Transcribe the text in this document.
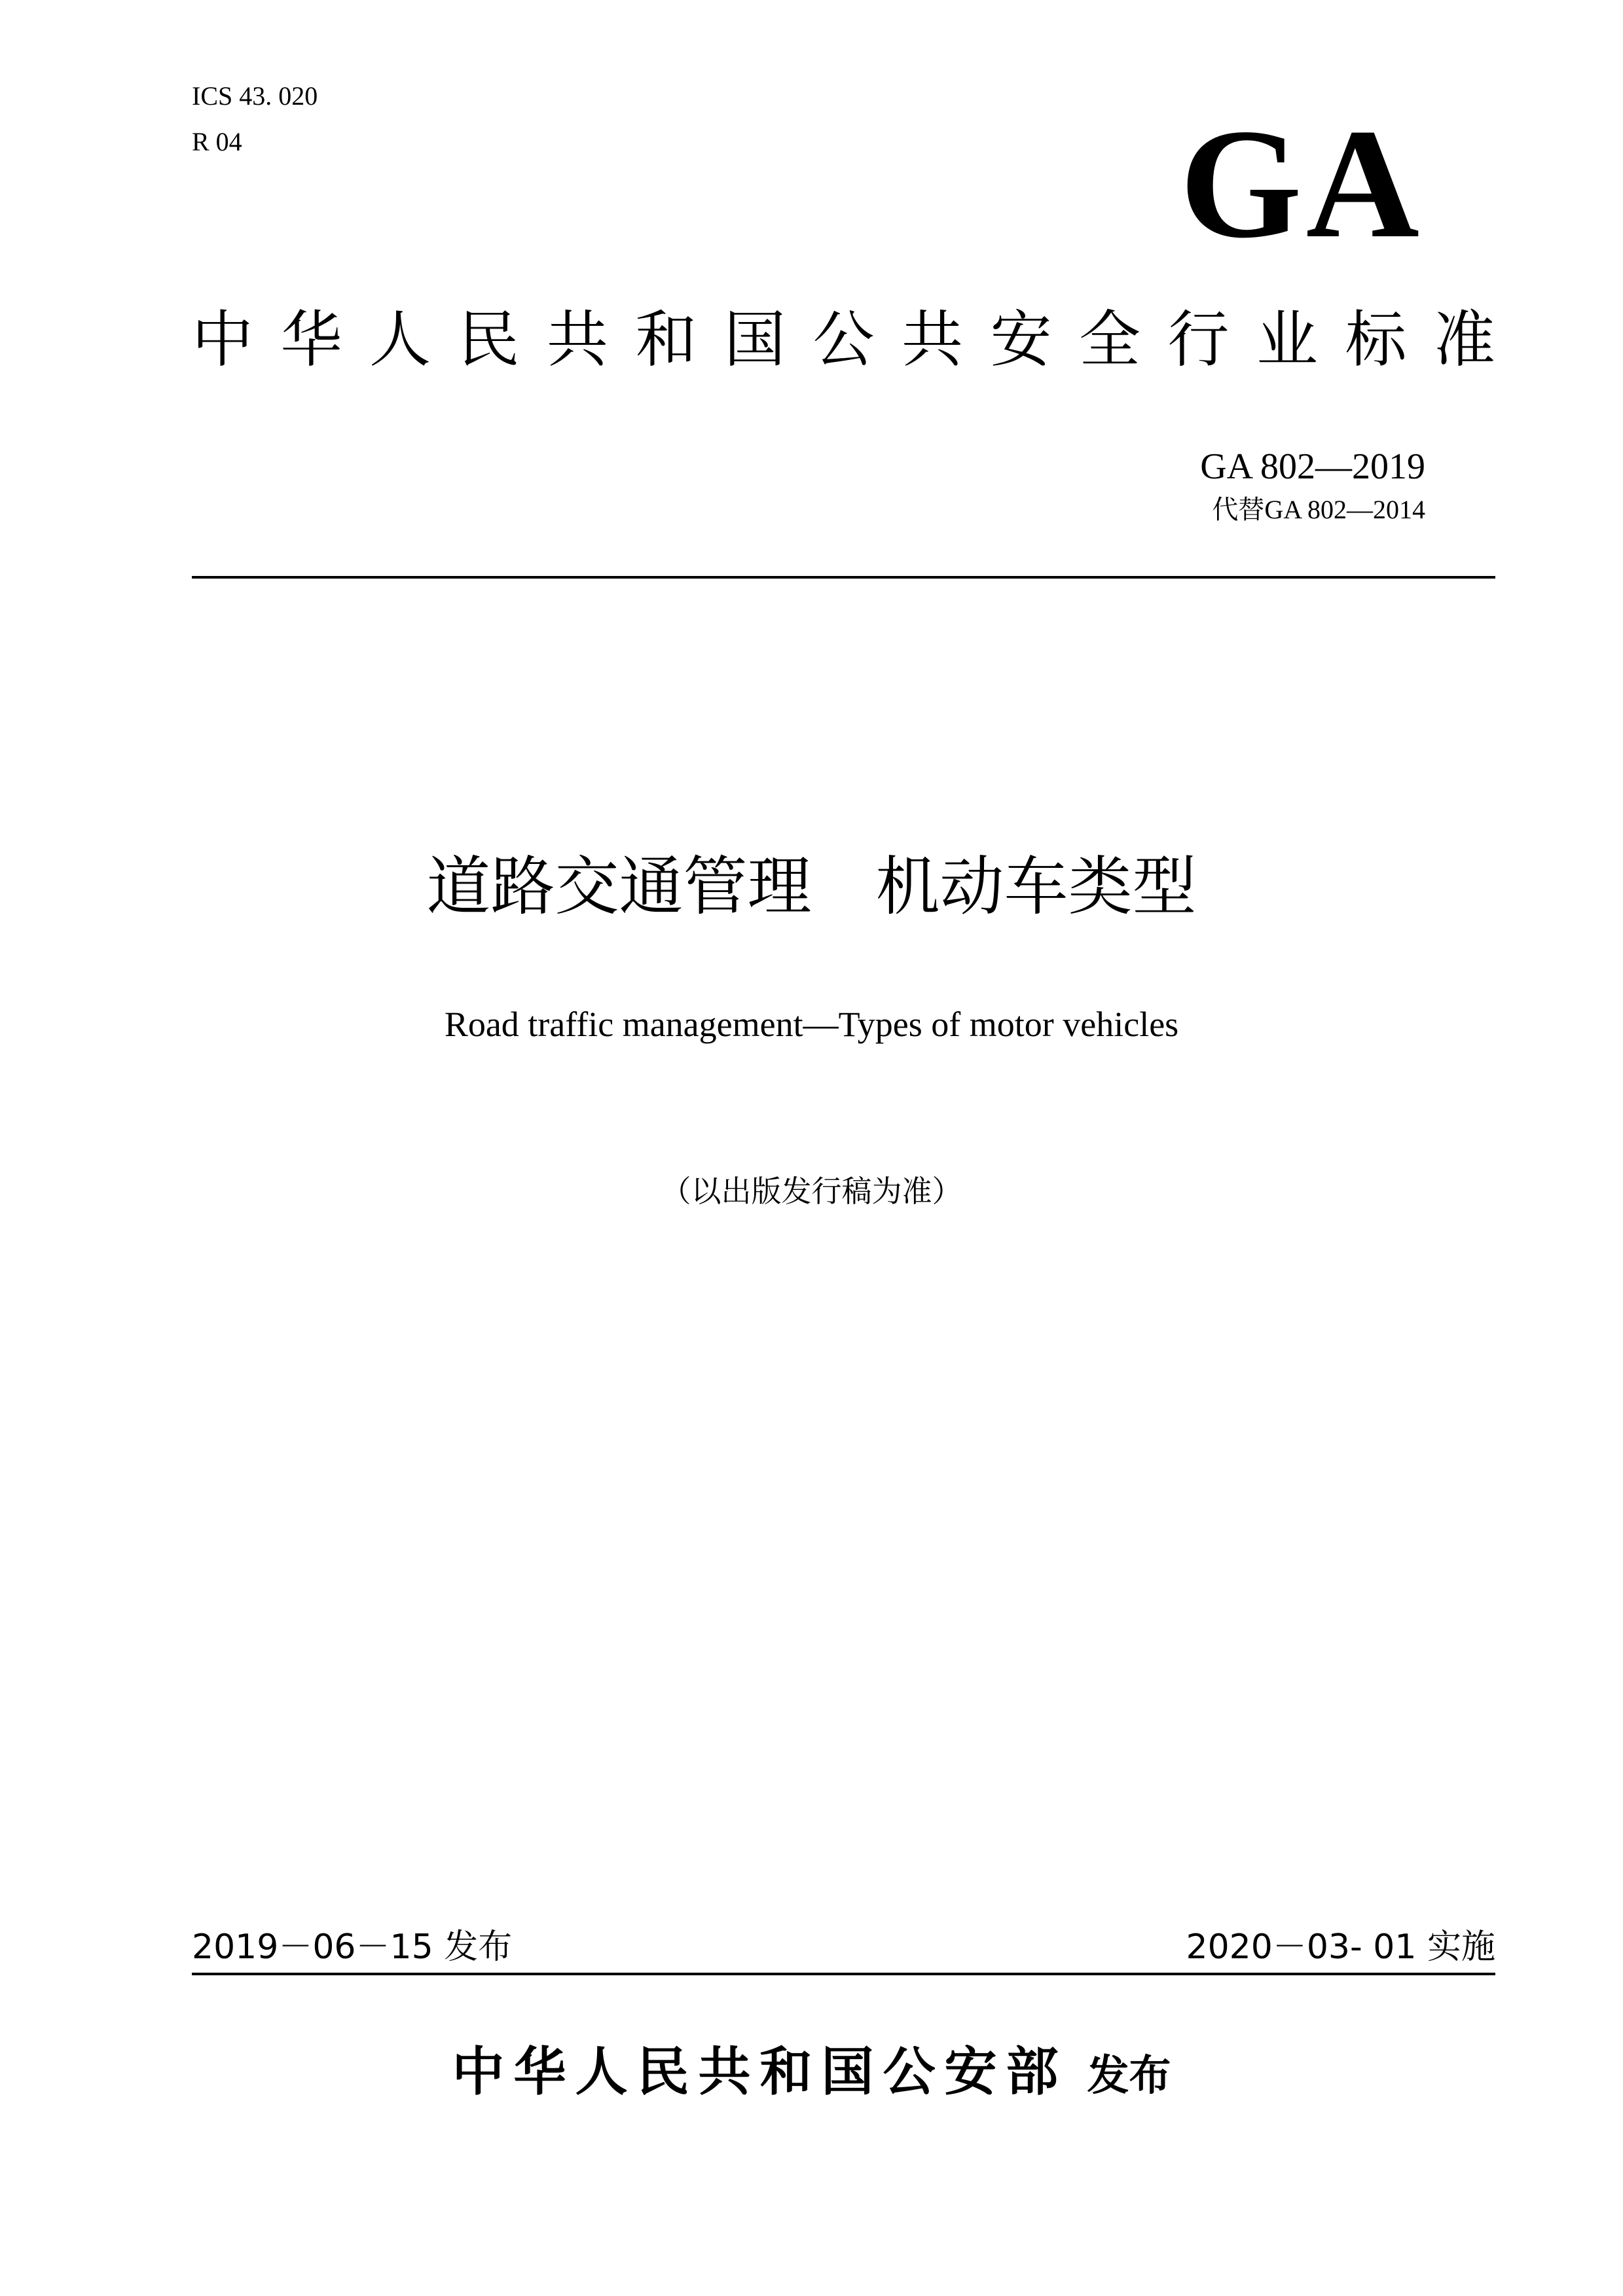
ICS 43. 020
R 04	GA
中华人民共和国公共安全行业标准
GA 802—2019
代替GA 802—2014
道路交通管理　机动车类型
Road traffic management—Types of motor vehicles
（以出版发行稿为准）
2019－06－15 发布	2020－03- 01 实施
中华人民共和国公安部 发布
